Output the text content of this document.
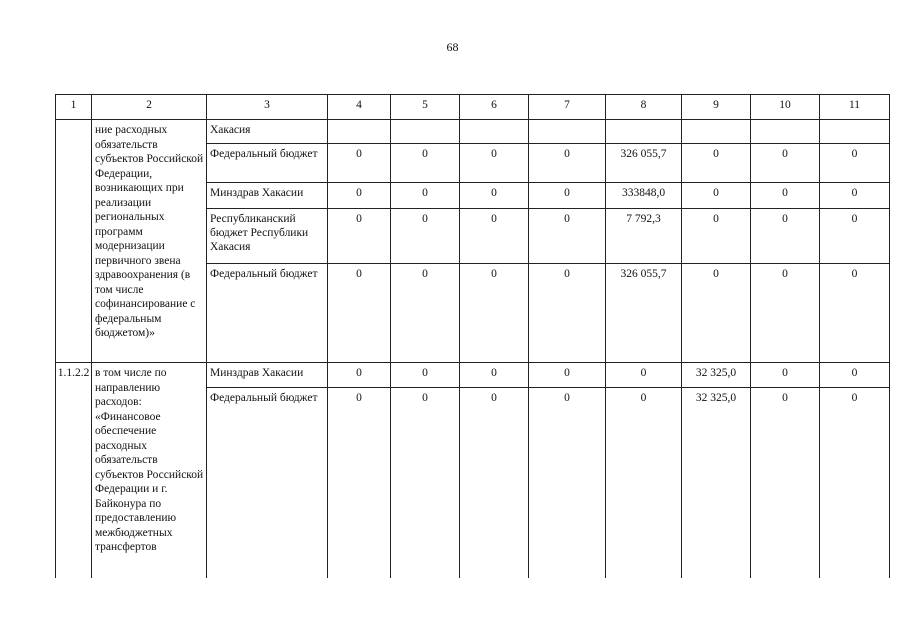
68
1	2	3	4	5	6	7	8	9	10	11
	ние расходных обязательств субъектов Российской Федерации, возникающих при реализации региональных программ модернизации первичного звена здравоохранения (в том числе софинансирование с федеральным бюджетом)»	Хакасия								
		Федеральный бюджет	0	0	0	0	326 055,7	0	0	0
		Минздрав Хакасии	0	0	0	0	333848,0	0	0	0
		Республиканский бюджет Республики Хакасия	0	0	0	0	7 792,3	0	0	0
		Федеральный бюджет	0	0	0	0	326 055,7	0	0	0
1.1.2.2	в том числе по направлению расходов: «Финансовое обеспечение расходных обязательств субъектов Российской Федерации и г. Байконура по предоставлению межбюджетных трансфертов	Минздрав Хакасии	0	0	0	0	0	32 325,0	0	0
		Федеральный бюджет	0	0	0	0	0	32 325,0	0	0
